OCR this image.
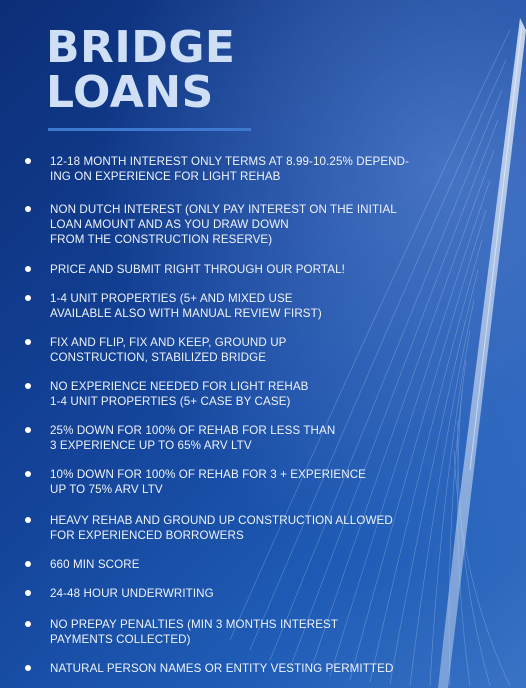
BRIDGE
LOANS
12-18 MONTH INTEREST ONLY TERMS AT 8.99-10.25% DEPEND-
ING ON EXPERIENCE FOR LIGHT REHAB
NON DUTCH INTEREST (ONLY PAY INTEREST ON THE INITIAL
LOAN AMOUNT AND AS YOU DRAW DOWN
FROM THE CONSTRUCTION RESERVE)
PRICE AND SUBMIT RIGHT THROUGH OUR PORTAL!
1-4 UNIT PROPERTIES (5+ AND MIXED USE
AVAILABLE ALSO WITH MANUAL REVIEW FIRST)
FIX AND FLIP, FIX AND KEEP, GROUND UP
CONSTRUCTION, STABILIZED BRIDGE
NO EXPERIENCE NEEDED FOR LIGHT REHAB
1-4 UNIT PROPERTIES (5+ CASE BY CASE)
25% DOWN FOR 100% OF REHAB FOR LESS THAN
3 EXPERIENCE UP TO 65% ARV LTV
10% DOWN FOR 100% OF REHAB FOR 3 + EXPERIENCE
UP TO 75% ARV LTV
HEAVY REHAB AND GROUND UP CONSTRUCTION ALLOWED
FOR EXPERIENCED BORROWERS
660 MIN SCORE
24-48 HOUR UNDERWRITING
NO PREPAY PENALTIES (MIN 3 MONTHS INTEREST
PAYMENTS COLLECTED)
NATURAL PERSON NAMES OR ENTITY VESTING PERMITTED
